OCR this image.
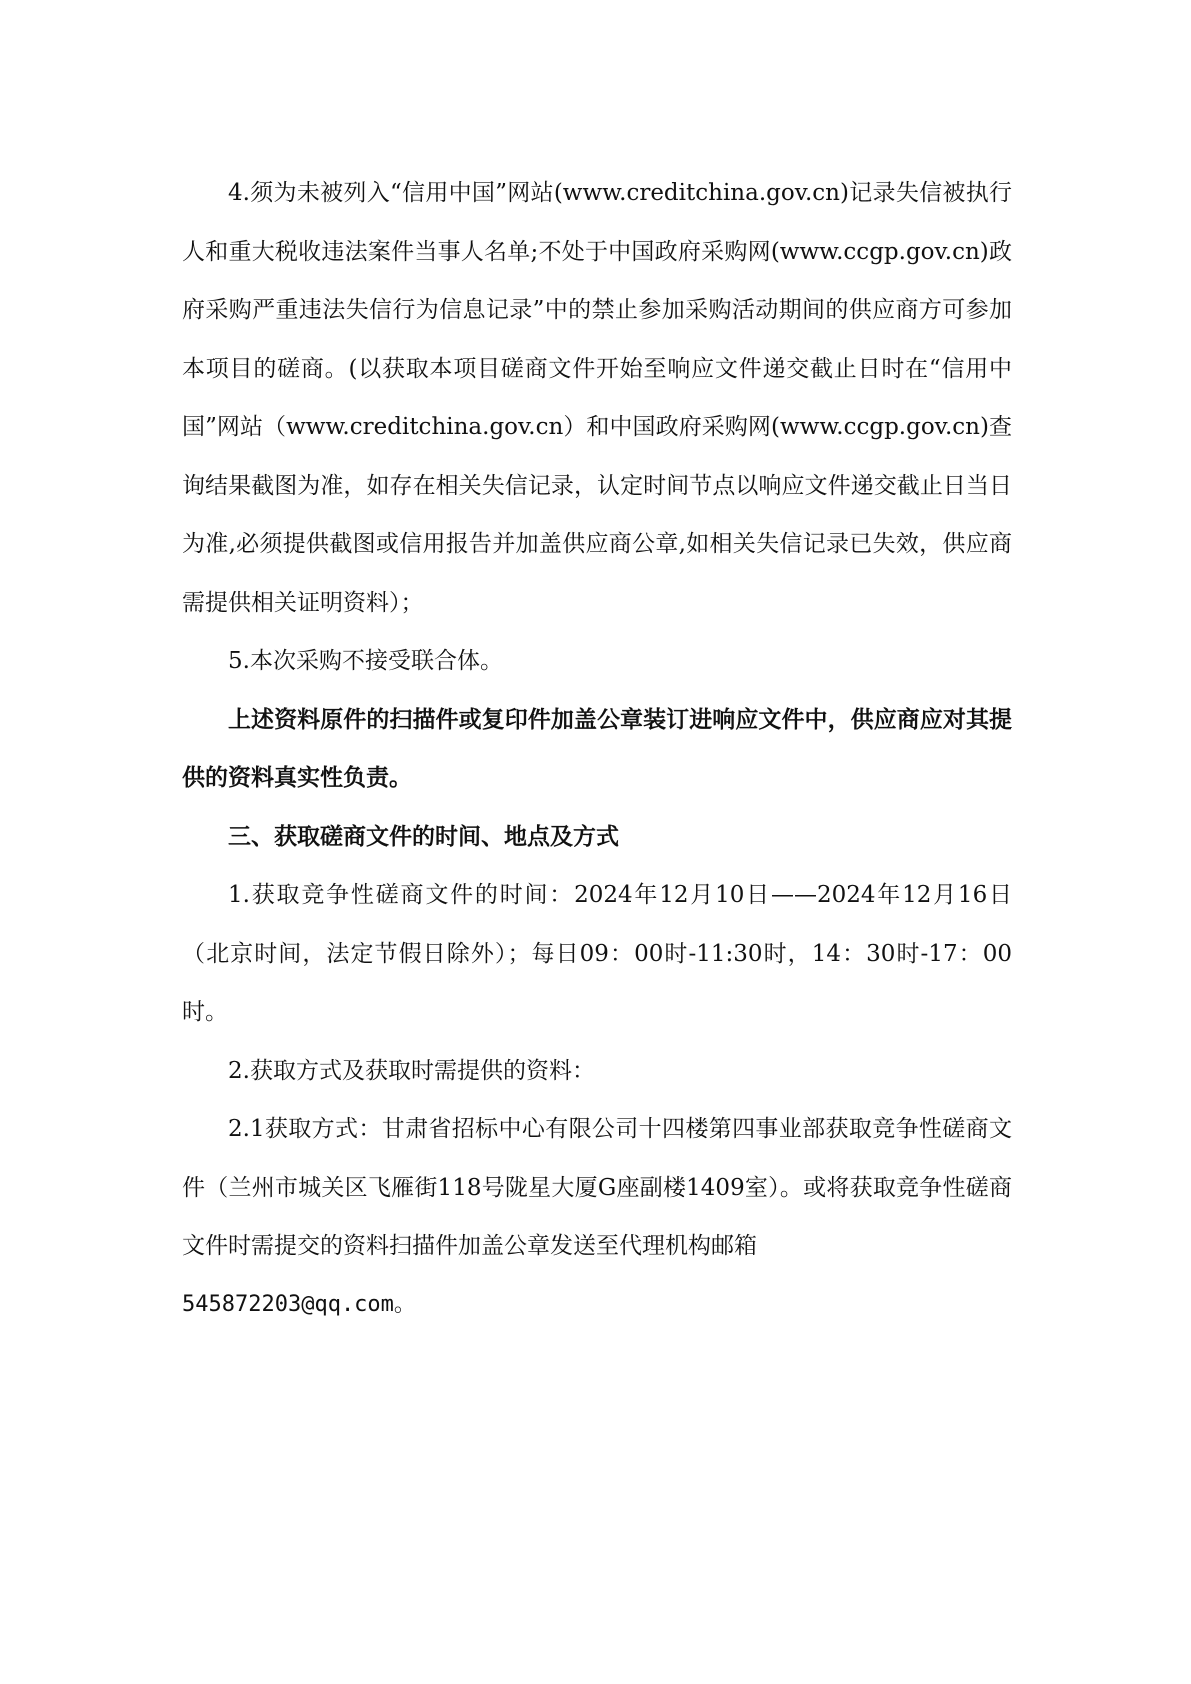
4.须为未被列入“信用中国”网站(www.creditchina.gov.cn)记录失信被执行人和重大税收违法案件当事人名单;不处于中国政府采购网(www.ccgp.gov.cn)政府采购严重违法失信行为信息记录”中的禁止参加采购活动期间的供应商方可参加本项目的磋商。(以获取本项目磋商文件开始至响应文件递交截止日时在“信用中国”网站（www.creditchina.gov.cn）和中国政府采购网(www.ccgp.gov.cn)查询结果截图为准，如存在相关失信记录，认定时间节点以响应文件递交截止日当日为准,必须提供截图或信用报告并加盖供应商公章,如相关失信记录已失效，供应商需提供相关证明资料）；

5.本次采购不接受联合体。

上述资料原件的扫描件或复印件加盖公章装订进响应文件中，供应商应对其提供的资料真实性负责。

三、获取磋商文件的时间、地点及方式

1.获取竞争性磋商文件的时间：2024年12月10日——2024年12月16日（北京时间，法定节假日除外）；每日09：00时-11:30时，14：30时-17：00时。

2.获取方式及获取时需提供的资料：

2.1获取方式：甘肃省招标中心有限公司十四楼第四事业部获取竞争性磋商文件（兰州市城关区飞雁街118号陇星大厦G座副楼1409室）。或将获取竞争性磋商文件时需提交的资料扫描件加盖公章发送至代理机构邮箱

545872203@qq.com。
